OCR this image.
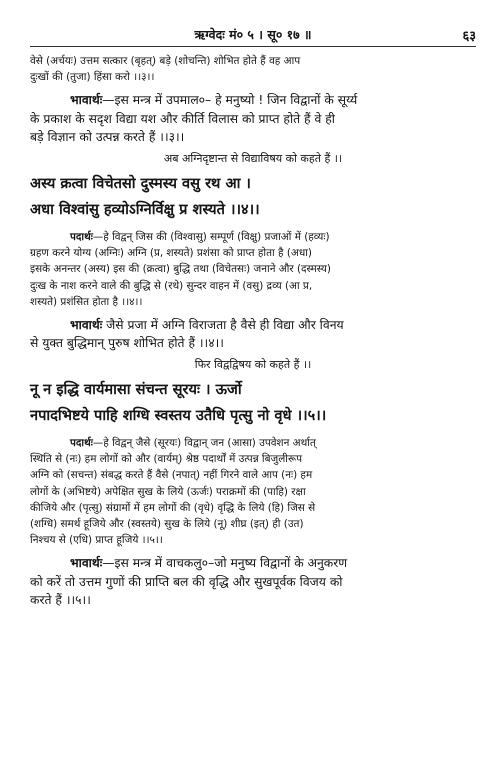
ऋग्वेदः मं० ५ । सू० १७ ॥	६३

वेसे (अर्चयः) उत्तम सत्कार (बृहत्) बड़े (शोचन्ति) शोभित होते हैं वह आप

दुःखों की (तुजा) हिंसा करो ।।३।।

भावार्थः—इस मन्त्र में उपमाल०– हे मनुष्यो ! जिन विद्वानों के सूर्य्य

के प्रकाश के सदृश विद्या यश और कीर्ति विलास को प्राप्त होते हैं वे ही

बड़े विज्ञान को उत्पन्न करते हैं ।।३।।

अब अग्निदृष्टान्त से विद्याविषय को कहते हैं ।।

अस्य क्रत्वा विचेतसो दुस्मस्य वसु रथ आ ।

अधा विश्वांसु हव्योऽग्निर्विक्षु प्र शस्यते ।।४।।

पदार्थः—हे विद्वन् जिस की (विश्वासु) सम्पूर्ण (विक्षु) प्रजाओं में (हव्यः)

ग्रहण करने योग्य (अग्निः) अग्नि (प्र, शस्यते) प्रशंसा को प्राप्त होता है (अधा)

इसके अनन्तर (अस्य) इस की (क्रत्वा) बुद्धि तथा (विचेतसः) जनाने और (दस्मस्य)

दुःख के नाश करने वाले की बुद्धि से (रथे) सुन्दर वाहन में (वसु) द्रव्य (आ प्र,

शस्यते) प्रशंसित होता है ।।४।।

भावार्थः जैसे प्रजा में अग्नि विराजता है वैसे ही विद्या और विनय

से युक्त बुद्धिमान् पुरुष शोभित होते हैं ।।४।।

फिर विद्वद्विषय को कहते हैं ।।

नू न इद्धि वार्यमासा संचन्त सूरयः । ऊर्जो

नपादभिष्टये पाहि शग्धि स्वस्तय उतैधि पृत्सु नो वृधे ।।५।।

पदार्थः—हे विद्वन् जैसे (सूरयः) विद्वान् जन (आसा) उपवेशन अर्थात्

स्थिति से (नः) हम लोगों को और (वार्यम्) श्रेष्ठ पदार्थों में उत्पन्न बिजुलीरूप

अग्नि को (सचन्त) संबद्ध करते हैं वैसे (नपात्) नहीं गिरने वाले आप (नः) हम

लोगों के (अभिष्टये) अपेक्षित सुख के लिये (ऊर्जः) पराक्रमों की (पाहि) रक्षा

कीजिये और (पृत्सु) संग्रामों में हम लोगों की (वृधे) वृद्धि के लिये (हि) जिस से

(शग्धि) समर्थ हूजिये और (स्वस्तये) सुख के लिये (नू) शीघ्र (इत्) ही (उत)

निश्चय से (एधि) प्राप्त हूजिये ।।५।।

भावार्थः—इस मन्त्र में वाचकलु०–जो मनुष्य विद्वानों के अनुकरण

को करें तो उत्तम गुणों की प्राप्ति बल की वृद्धि और सुखपूर्वक विजय को

करते हैं ।।५।।
